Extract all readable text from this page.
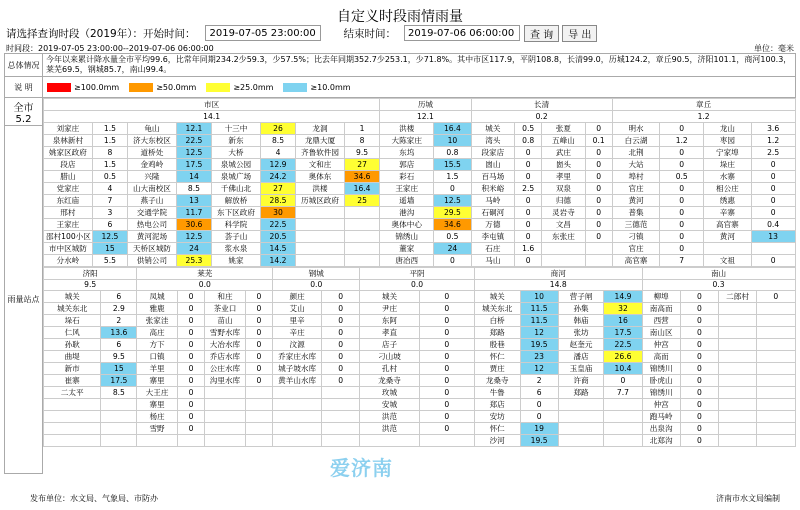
自定义时段雨情雨量
请选择查询时段（2019年）： 开始时间：
2019-07-05 23:00:00	结束时间：
2019-07-06 06:00:00	查 询	导 出
时间段：2019-07-05 23:00:00--2019-07-06 06:00:00	单位：毫米
总体情况	今年以来累计降水量全市平均99.6，比常年同期234.2少59.3，少57.5%；比去年同期352.7少253.1，少71.8%。其中市区117.9，平阴108.8，长清99.0，历城124.2，章丘90.5，济阳101.1，商河100.3，莱芜69.5，钢城85.7，南山99.4。
说 明	≥100.0mm	≥50.0mm	≥25.0mm	≥10.0mm

全市
5.2

市区	历城	长清	章丘
14.1	12.1	0.2	1.2
刘家庄	1.5	龟山	12.1	十三中	26	龙洞	1	洪楼	16.4	城关	0.5	张夏	0	明水	0	龙山	3.6
泉林新村	1.5	济大东校区	22.5	新东	8.5	龙鼎大厦	8	大陈家庄	10	湾头	0.8	五峰山	0.1	白云湖	1.2	枣园	1.2
姚家区政府	8	道桥处	12.5	大桥	4	齐鲁软件园	9.5	东坞	0.8	段家店	0	武庄	0	北荆	0	宁家埠	2.5
段店	1.5	金鸡岭	17.5	泉城公园	12.9	文和庄	27	郭店	15.5	崮山	0	崮头	0	大站	0	垛庄	0
腊山	0.5	兴隆	14	泉城广场	24.2	奥体东	34.6	彩石	1.5	百马场	0	孝里	0	埠村	0.5	水寨	0
党家庄	4	山大南校区	8.5	千佛山北	27	洪楼	16.4	王家庄	0	积米峪	2.5	双泉	0	官庄	0	相公庄	0
东红庙	7	燕子山	13	解放桥	28.5	历城区政府	25	遥墙	12.5	马岭	0	归德	0	黄河	0	绣惠	0
邢村	3	交通学院	11.7	东下区政府	30			港沟	29.5	石硐河	0	灵岩寺	0	普集	0	辛寨	0
王家庄	6	热电公司	30.6	科学院	22.5			奥体中心	34.6	万德	0	文昌	0	三德范	0	高官寨	0.4
邵村100小区	12.5	黄河泥场	12.5	荟子山	20.5			锦绣山	0.5	李屯镇	0	东张庄	0	刁镇	0	黄河	13
市中区城防	15	天桥区城防	24	浆水泉	14.5			董家	24	石庄	1.6			官庄	0		
分水岭	5.5	供销公司	25.3	姚家	14.2			唐冶西	0	马山	0			高官寨	7	文祖	0
济阳	莱芜	钢城	平阴	商河	南山
9.5	0.0	0.0	0.0	14.8	0.3
城关	6	凤城	0	和庄	0	颜庄	0	城关	0	城关	10	营子闸	14.9	柳埠	0	二郎村	0
城关东北	2.9	雅鹿	0	茶业口	0	艾山	0	尹庄	0	城关东北	11.5	孙集	32	南高而	0		
垛石	2	张家洼	0	苗山	0	里辛	0	东阿	0	白桥	11.5	韩庙	16	西营	0		
仁风	13.6	高庄	0	雪野水库	0	辛庄	0	孝直	0	郑路	12	张坊	17.5	南山区	0		
孙耿	6	方下	0	大冶水库	0	汶源	0	店子	0	殷巷	19.5	赵奎元	22.5	仲宫	0		
曲堤	9.5	口镇	0	乔店水库	0	乔家庄水库	0	刁山坡	0	怀仁	23	潘店	26.6	高而	0		
新市	15	羊里	0	公庄水库	0	城子坡水库	0	孔村	0	贾庄	12	玉皇庙	10.4	锦绣川	0		
崔寨	17.5	寨里	0	沟里水库	0	黄羊山水库	0	龙桑寺	0	龙桑寺	2	许商	0	卧虎山	0		
二太平	8.5	大王庄	0					玫城	0	牛鲁	6	郑路	7.7	锦绣川	0		
		寨里	0					安城	0	郑店	0			仲宫	0		
		杨庄	0					洪范	0	安坊	0			跑马岭	0		
		雪野	0					洪范	0	怀仁	19			出泉沟	0		
										沙河	19.5			北郑沟	0		

雨量站点
爱济南
发布单位：水文局、气象局、市防办	济南市水文局编制
